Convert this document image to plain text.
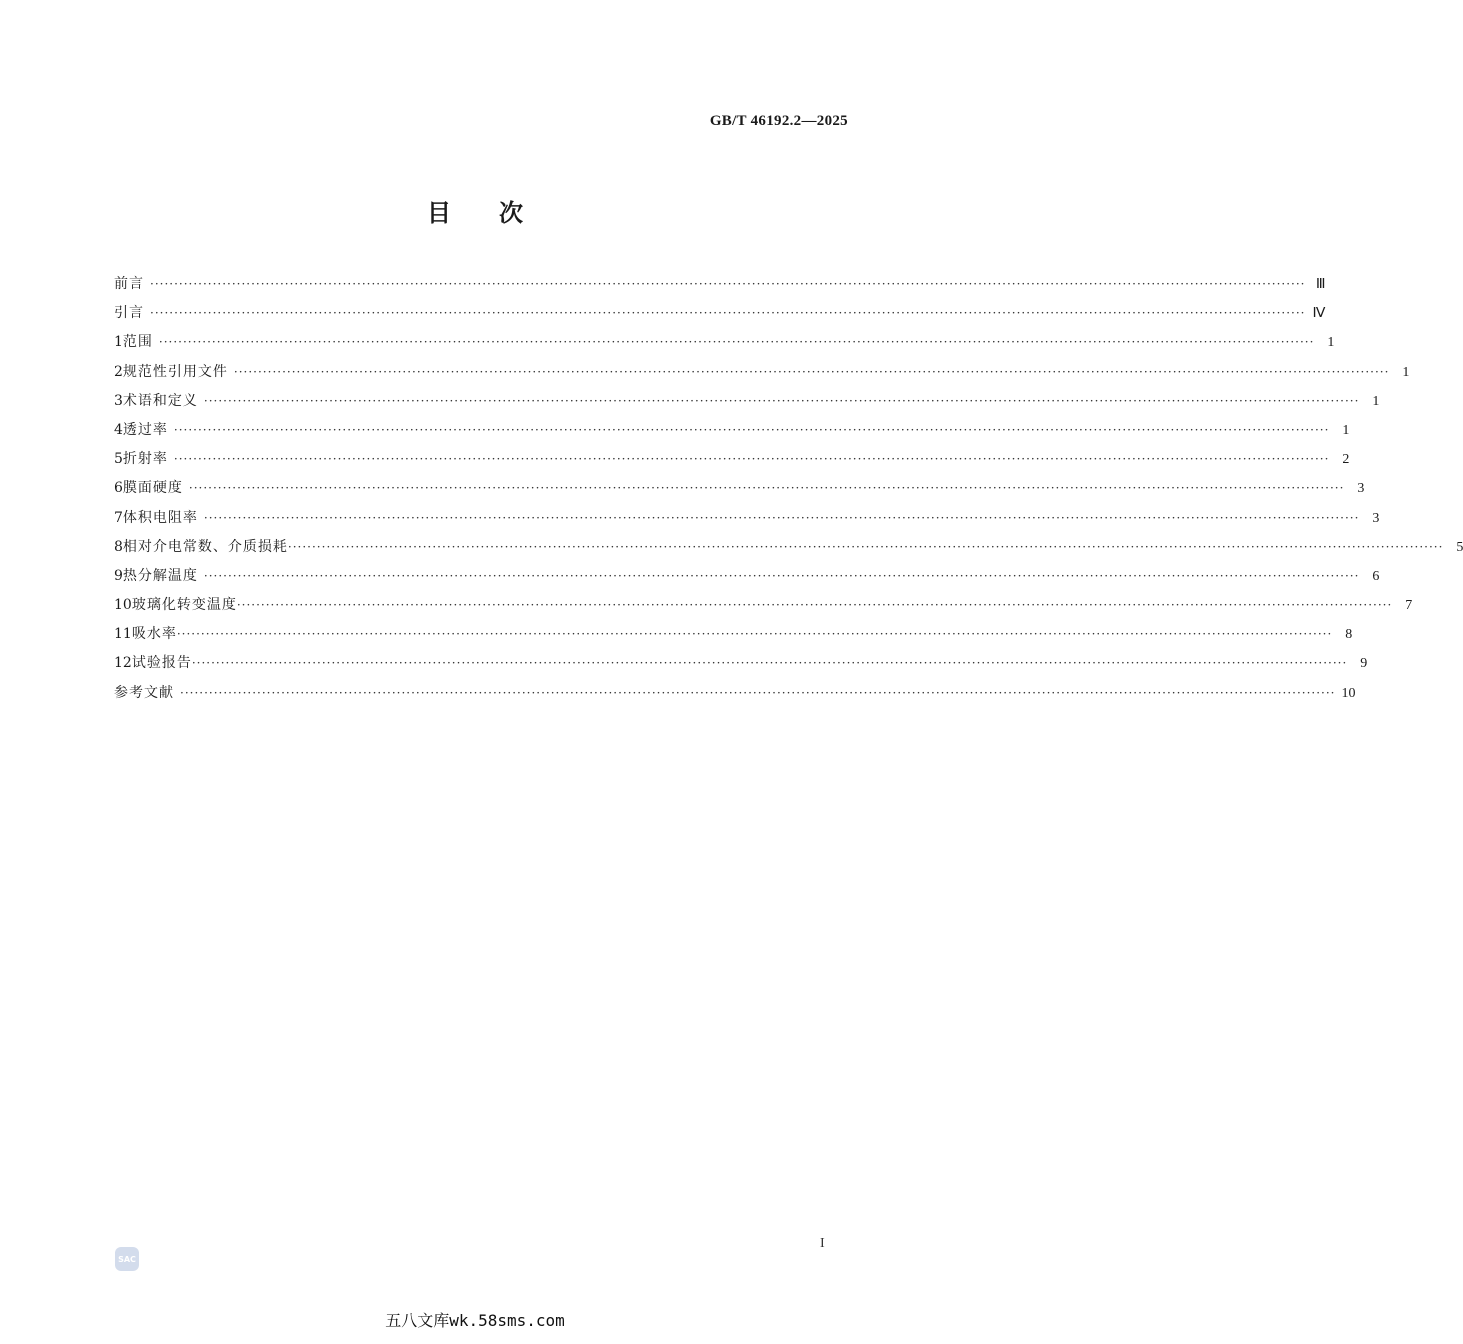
GB/T 46192.2—2025
目次
前言 ················································································································································································································································ Ⅲ
引言 ················································································································································································································································ Ⅳ
1 范围 ················································································································································································································································ 1
2 规范性引用文件 ················································································································································································································································ 1
3 术语和定义 ················································································································································································································································ 1
4 透过率 ················································································································································································································································ 1
5 折射率 ················································································································································································································································ 2
6 膜面硬度 ················································································································································································································································ 3
7 体积电阻率 ················································································································································································································································ 3
8 相对介电常数、介质损耗 ················································································································································································································································ 5
9 热分解温度 ················································································································································································································································ 6
10 玻璃化转变温度 ················································································································································································································································ 7
11 吸水率 ················································································································································································································································ 8
12 试验报告 ················································································································································································································································ 9
参考文献 ················································································································································································································································ 10
I
SAC
五八文库wk.58sms.com
